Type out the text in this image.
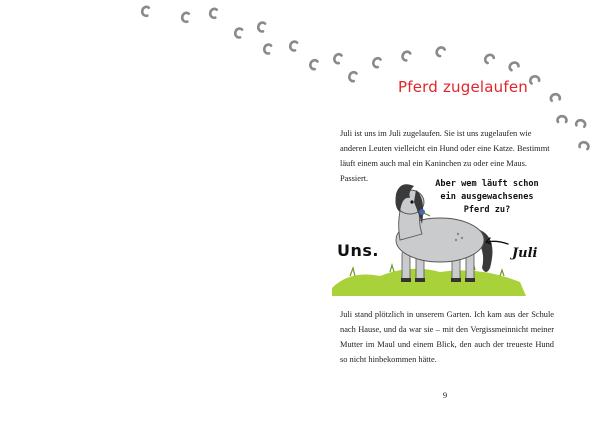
Pferd zugelaufen

Juli ist uns im Juli zugelaufen. Sie ist uns zugelaufen wie anderen Leuten vielleicht ein Hund oder eine Katze. Bestimmt läuft einem auch mal ein Kaninchen zu oder eine Maus. Passiert.

Aber wem läuft schon ein ausgewachsenes Pferd zu?
Uns.	Juli

Juli stand plötzlich in unserem Garten. Ich kam aus der Schule nach Hause, und da war sie – mit den Vergissmeinnicht meiner Mutter im Maul und einem Blick, den auch der treueste Hund so nicht hinbekommen hätte.

9
